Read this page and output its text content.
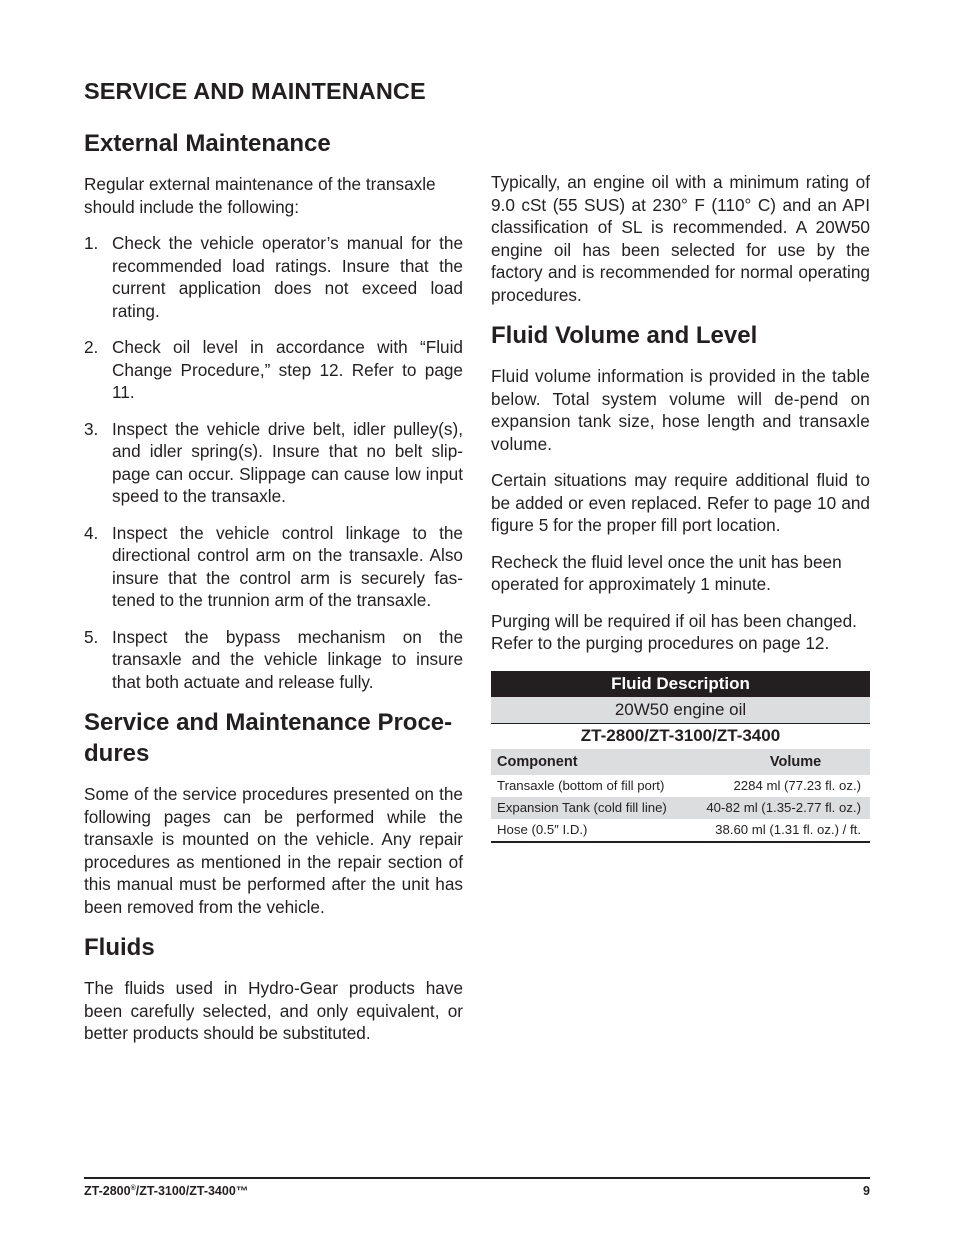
SERVICE AND MAINTENANCE
External Maintenance

Regular external maintenance of the transaxle should include the following:

1. Check the vehicle operator’s manual for the recommended load ratings. Insure that the current application does not exceed load rating.
2. Check oil level in accordance with “Fluid Change Procedure,” step 12. Refer to page 11.
3. Inspect the vehicle drive belt, idler pulley(s), and idler spring(s). Insure that no belt slip-page can occur. Slippage can cause low input speed to the transaxle.
4. Inspect the vehicle control linkage to the directional control arm on the transaxle. Also insure that the control arm is securely fas-tened to the trunnion arm of the transaxle.
5. Inspect the bypass mechanism on the transaxle and the vehicle linkage to insure that both actuate and release fully.
Service and Maintenance Proce-dures

Some of the service procedures presented on the following pages can be performed while the transaxle is mounted on the vehicle. Any repair procedures as mentioned in the repair section of this manual must be performed after the unit has been removed from the vehicle.

Fluids

The fluids used in Hydro-Gear products have been carefully selected, and only equivalent, or better products should be substituted.

Typically, an engine oil with a minimum rating of 9.0 cSt (55 SUS) at 230° F (110° C) and an API classification of SL is recommended. A 20W50 engine oil has been selected for use by the factory and is recommended for normal operating procedures.

Fluid Volume and Level

Fluid volume information is provided in the table below. Total system volume will de-pend on expansion tank size, hose length and transaxle volume.

Certain situations may require additional fluid to be added or even replaced. Refer to page 10 and figure 5 for the proper fill port location.

Recheck the fluid level once the unit has been operated for approximately 1 minute.

Purging will be required if oil has been changed. Refer to the purging procedures on page 12.

Fluid Description	
20W50 engine oil	
ZT-2800/ZT-3100/ZT-3400	
Component	Volume
Transaxle (bottom of fill port)	2284 ml (77.23 fl. oz.)
Expansion Tank (cold fill line)	40-82 ml (1.35-2.77 fl. oz.)
Hose (0.5″ I.D.)	38.60 ml (1.31 fl. oz.) / ft.
ZT-2800®/ZT-3100/ZT-3400™	9
